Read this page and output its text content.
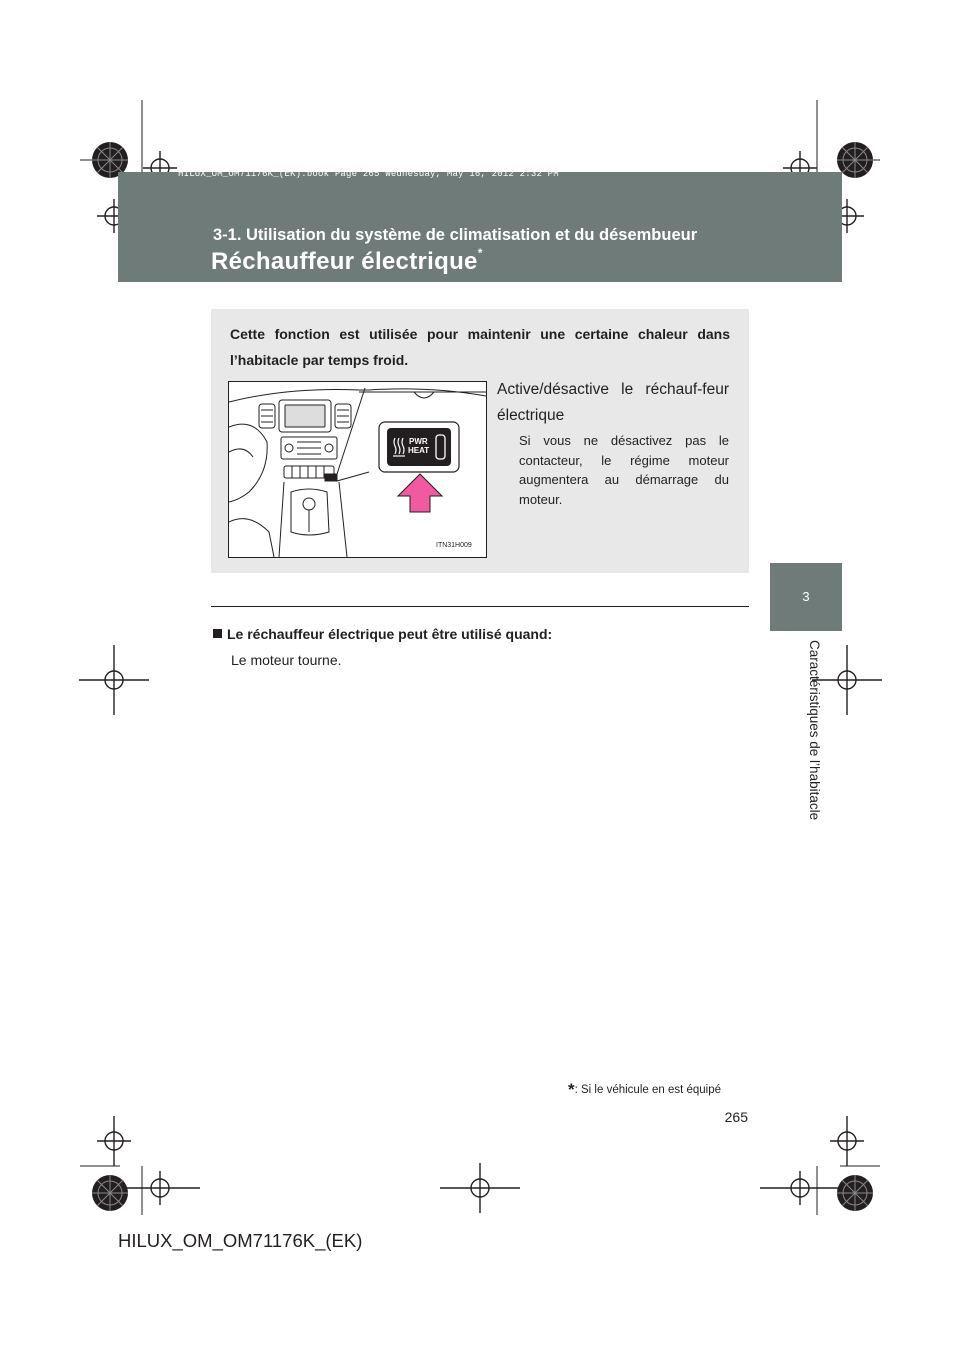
HILUX_OM_OM71176K_(EK).book Page 265 Wednesday, May 16, 2012 2:32 PM
3-1. Utilisation du système de climatisation et du désembueur
Réchauffeur électrique*
3
Caractéristiques de l’habitacle
Cette fonction est utilisée pour maintenir une certaine chaleur dans l’habitacle par temps froid.
PWR
HEAT
ITN31H009
Active/désactive le réchauf-feur électrique
Si vous ne désactivez pas le contacteur, le régime moteur augmentera au démarrage du moteur.
Le réchauffeur électrique peut être utilisé quand:
Le moteur tourne.
*: Si le véhicule en est équipé
265
HILUX_OM_OM71176K_(EK)
